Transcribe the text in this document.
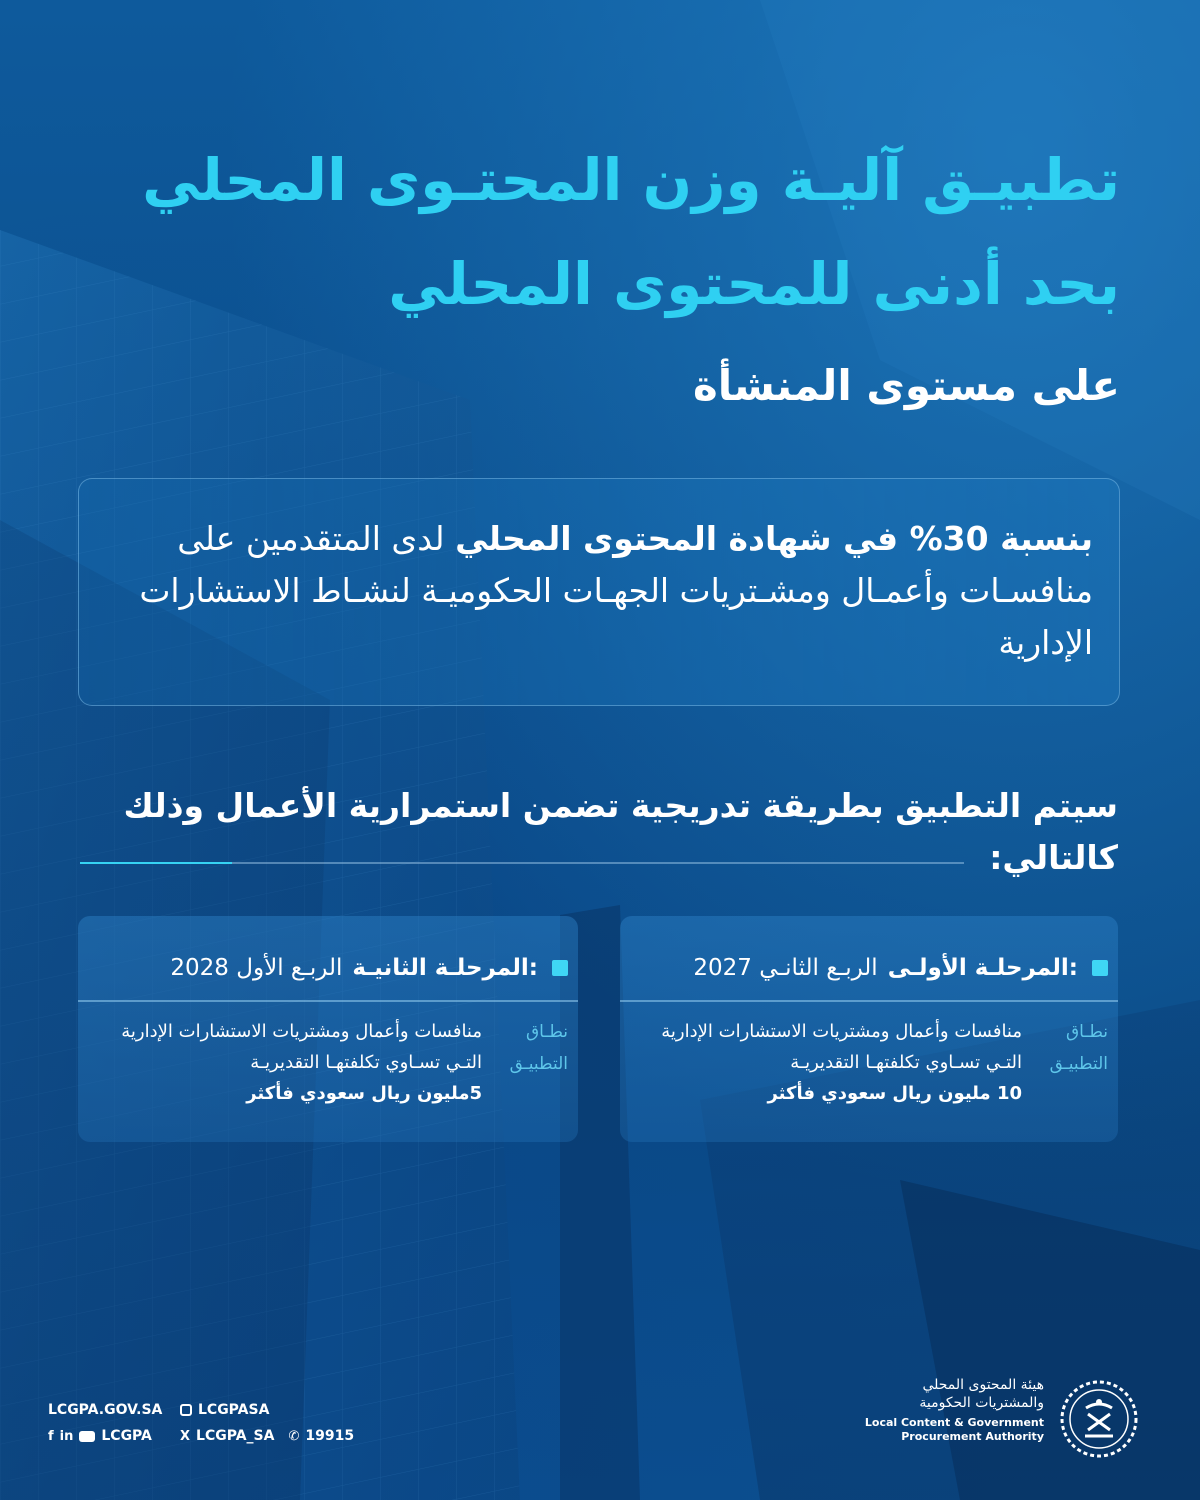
تطبيـق آليـة وزن المحتـوى المحلي
بحد أدنى للمحتوى المحلي
على مستوى المنشأة

بنسبة 30% في شهادة المحتوى المحلي لدى المتقدمين على منافسـات وأعمـال ومشـتريات الجهـات الحكوميـة لنشـاط الاستشارات الإدارية

سيتم التطبيق بطريقة تدريجية تضمن استمرارية الأعمال وذلك كالتالي:
المرحلـة الأولـى:
الربـع الثانـي 2027
نطـاق
التطبيـق
منافسات وأعمال ومشتريات الاستشارات الإدارية التـي تسـاوي تكلفتهـا التقديريـة
10 مليون ريال سعودي فأكثر
المرحلـة الثانيـة:
الربـع الأول 2028
نطـاق
التطبيـق
منافسات وأعمال ومشتريات الاستشارات الإدارية التـي تسـاوي تكلفتهـا التقديريـة
5مليون ريال سعودي فأكثر
LCGPA.GOV.SA	LCGPASA
f in LCGPA X LCGPA_SA ✆ 19915
هيئة المحتوى المحلي
والمشتريات الحكومية
Local Content & Government
Procurement Authority
